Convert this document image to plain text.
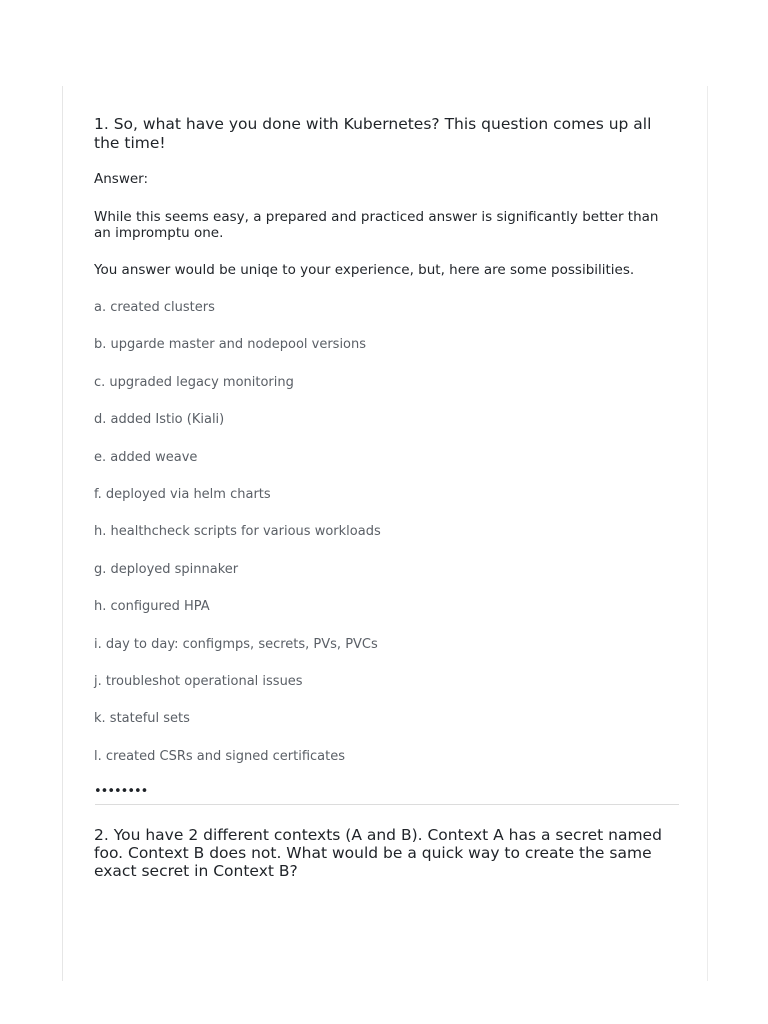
1. So, what have you done with Kubernetes? This question comes up all the time!

Answer:
While this seems easy, a prepared and practiced answer is significantly better than an impromptu one.
You answer would be uniqe to your experience, but, here are some possibilities.
a. created clusters
b. upgarde master and nodepool versions
c. upgraded legacy monitoring
d. added Istio (Kiali)
e. added weave
f. deployed via helm charts
h. healthcheck scripts for various workloads
g. deployed spinnaker
h. configured HPA
i. day to day: configmps, secrets, PVs, PVCs
j. troubleshot operational issues
k. stateful sets
l. created CSRs and signed certificates
••••••••
2. You have 2 different contexts (A and B). Context A has a secret named foo. Context B does not. What would be a quick way to create the same exact secret in Context B?
